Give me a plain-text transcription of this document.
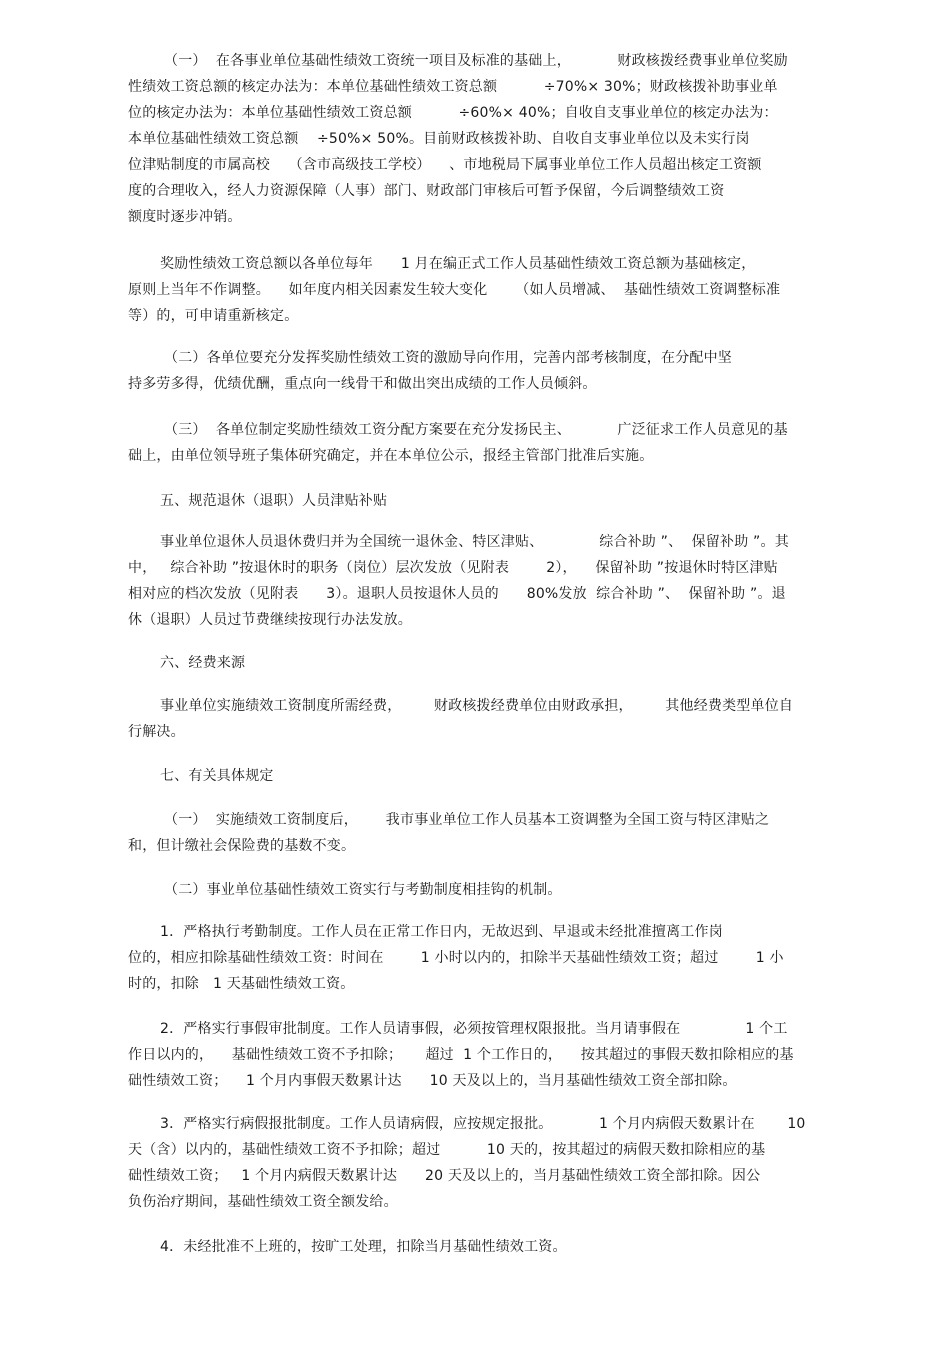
（一）  在各事业单位基础性绩效工资统一项目及标准的基础上，          财政核拨经费事业单位奖励
性绩效工资总额的核定办法为：本单位基础性绩效工资总额          ÷70%× 30%；财政核拨补助事业单
位的核定办法为：本单位基础性绩效工资总额          ÷60%× 40%；自收自支事业单位的核定办法为：
本单位基础性绩效工资总额    ÷50%× 50%。目前财政核拨补助、自收自支事业单位以及未实行岗
位津贴制度的市属高校    （含市高级技工学校）    、市地税局下属事业单位工作人员超出核定工资额
度的合理收入，经人力资源保障（人事）部门、财政部门审核后可暂予保留，今后调整绩效工资
额度时逐步冲销。
奖励性绩效工资总额以各单位每年      1 月在编正式工作人员基础性绩效工资总额为基础核定，
原则上当年不作调整。    如年度内相关因素发生较大变化      （如人员增减、  基础性绩效工资调整标准
等）的，可申请重新核定。
（二）各单位要充分发挥奖励性绩效工资的激励导向作用，完善内部考核制度，在分配中坚
持多劳多得，优绩优酬，重点向一线骨干和做出突出成绩的工作人员倾斜。
（三）  各单位制定奖励性绩效工资分配方案要在充分发扬民主、          广泛征求工作人员意见的基
础上，由单位领导班子集体研究确定，并在本单位公示，报经主管部门批准后实施。
五、规范退休（退职）人员津贴补贴
事业单位退休人员退休费归并为全国统一退休金、特区津贴、            综合补助 ”、  保留补助 ”。其
中，   综合补助 ”按退休时的职务（岗位）层次发放（见附表        2），    保留补助 ”按退休时特区津贴
相对应的档次发放（见附表      3）。退职人员按退休人员的      80%发放  综合补助 ”、  保留补助 ”。退
休（退职）人员过节费继续按现行办法发放。
六、经费来源
事业单位实施绩效工资制度所需经费，       财政核拨经费单位由财政承担，       其他经费类型单位自
行解决。
七、有关具体规定
（一）  实施绩效工资制度后，      我市事业单位工作人员基本工资调整为全国工资与特区津贴之
和，但计缴社会保险费的基数不变。
（二）事业单位基础性绩效工资实行与考勤制度相挂钩的机制。
1．严格执行考勤制度。工作人员在正常工作日内，无故迟到、早退或未经批准擅离工作岗
位的，相应扣除基础性绩效工资：时间在        1 小时以内的，扣除半天基础性绩效工资；超过        1 小
时的，扣除   1 天基础性绩效工资。
2．严格实行事假审批制度。工作人员请事假，必须按管理权限报批。当月请事假在              1 个工
作日以内的，    基础性绩效工资不予扣除；     超过  1 个工作日的，    按其超过的事假天数扣除相应的基
础性绩效工资；    1 个月内事假天数累计达      10 天及以上的，当月基础性绩效工资全部扣除。
3．严格实行病假报批制度。工作人员请病假，应按规定报批。          1 个月内病假天数累计在       10
天（含）以内的，基础性绩效工资不予扣除；超过          10 天的，按其超过的病假天数扣除相应的基
础性绩效工资；   1 个月内病假天数累计达      20 天及以上的，当月基础性绩效工资全部扣除。因公
负伤治疗期间，基础性绩效工资全额发给。
4．未经批准不上班的，按旷工处理，扣除当月基础性绩效工资。
